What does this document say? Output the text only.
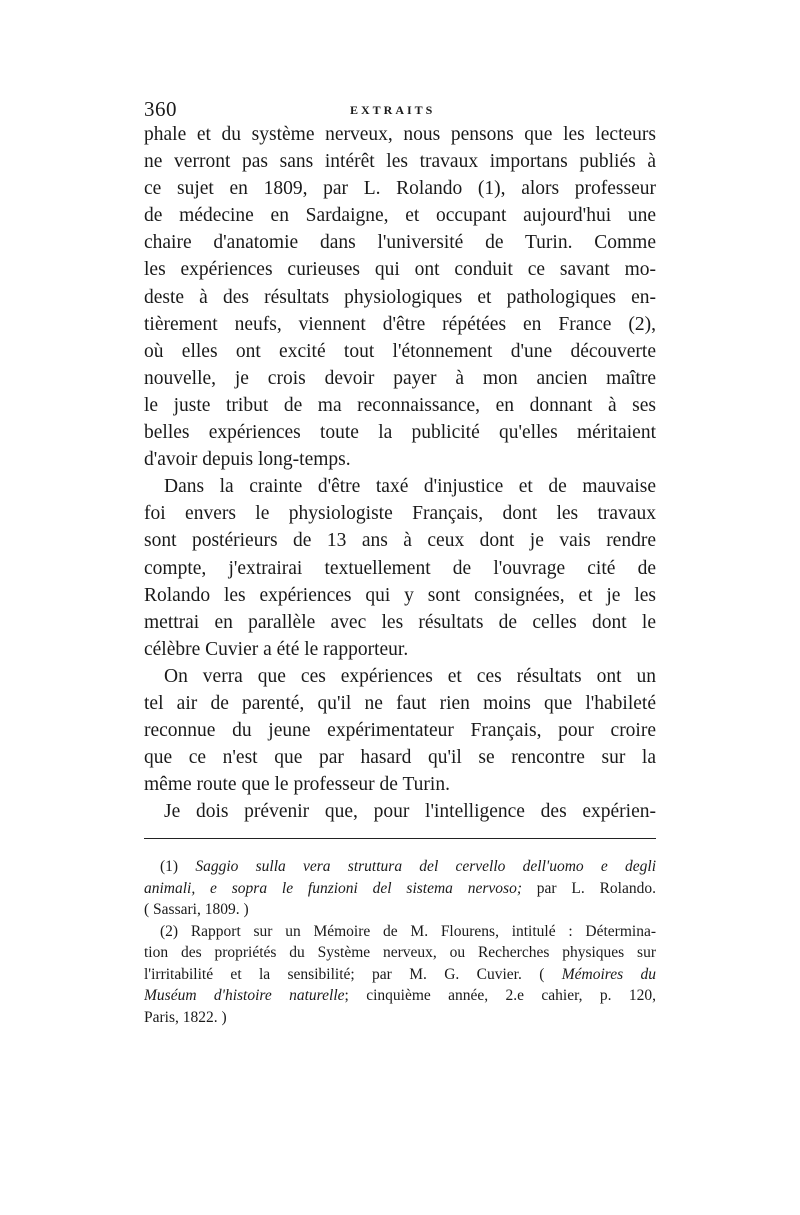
360	EXTRAITS
phale et du système nerveux, nous pensons que les lecteurs
ne verront pas sans intérêt les travaux importans publiés à
ce sujet en 1809, par L. Rolando (1), alors professeur
de médecine en Sardaigne, et occupant aujourd'hui une
chaire d'anatomie dans l'université de Turin. Comme
les expériences curieuses qui ont conduit ce savant mo-
deste à des résultats physiologiques et pathologiques en-
tièrement neufs, viennent d'être répétées en France (2),
où elles ont excité tout l'étonnement d'une découverte
nouvelle, je crois devoir payer à mon ancien maître
le juste tribut de ma reconnaissance, en donnant à ses
belles expériences toute la publicité qu'elles méritaient
d'avoir depuis long-temps.
Dans la crainte d'être taxé d'injustice et de mauvaise
foi envers le physiologiste Français, dont les travaux
sont postérieurs de 13 ans à ceux dont je vais rendre
compte, j'extrairai textuellement de l'ouvrage cité de
Rolando les expériences qui y sont consignées, et je les
mettrai en parallèle avec les résultats de celles dont le
célèbre Cuvier a été le rapporteur.
On verra que ces expériences et ces résultats ont un
tel air de parenté, qu'il ne faut rien moins que l'habileté
reconnue du jeune expérimentateur Français, pour croire
que ce n'est que par hasard qu'il se rencontre sur la
même route que le professeur de Turin.
Je dois prévenir que, pour l'intelligence des expérien-
(1) Saggio sulla vera struttura del cervello dell'uomo e degli
animali, e sopra le funzioni del sistema nervoso; par L. Rolando.
( Sassari, 1809. )
(2) Rapport sur un Mémoire de M. Flourens, intitulé : Détermina-
tion des propriétés du Système nerveux, ou Recherches physiques sur
l'irritabilité et la sensibilité; par M. G. Cuvier. ( Mémoires du
Muséum d'histoire naturelle; cinquième année, 2.e cahier, p. 120,
Paris, 1822. )
